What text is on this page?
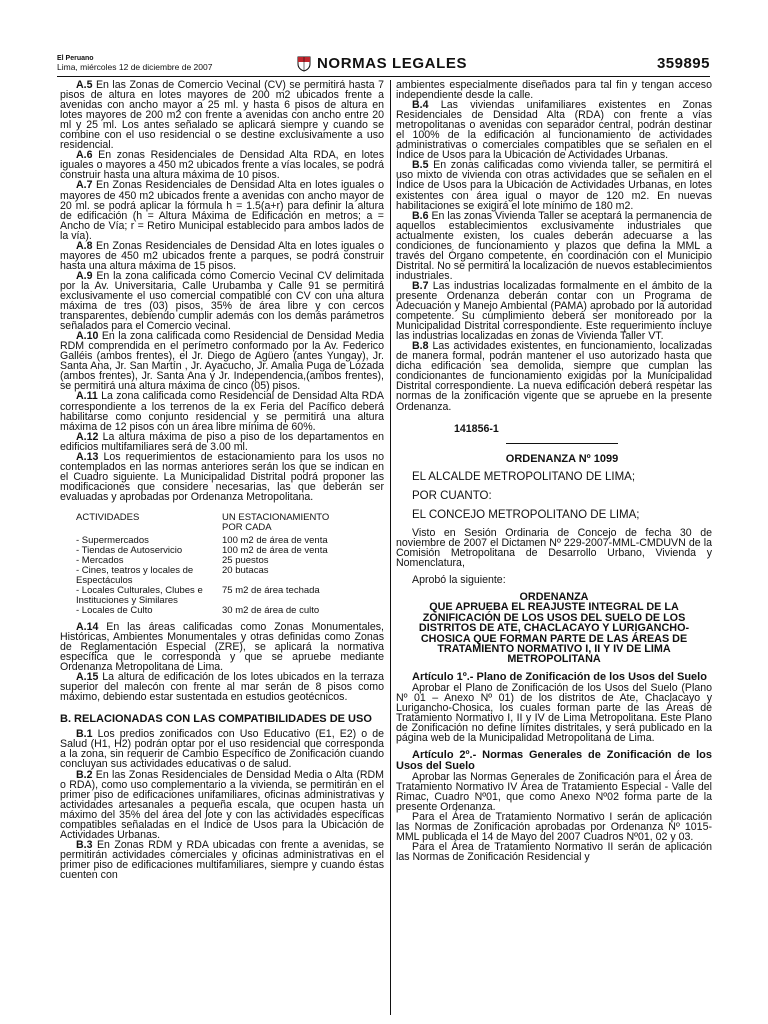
El Peruano
Lima, miércoles 12 de diciembre de 2007	NORMAS LEGALES	359895

A.5 En las Zonas de Comercio Vecinal (CV) se permitirá hasta 7 pisos de altura en lotes mayores de 200 m2 ubicados frente a avenidas con ancho mayor a 25 ml. y hasta 6 pisos de altura en lotes mayores de 200 m2 con frente a avenidas con ancho entre 20 ml y 25 ml. Los antes señalado se aplicará siempre y cuando se combine con el uso residencial o se destine exclusivamente a uso residencial.

A.6 En zonas Residenciales de Densidad Alta RDA, en lotes iguales o mayores a 450 m2 ubicados frente a vías locales, se podrá construir hasta una altura máxima de 10 pisos.

A.7 En Zonas Residenciales de Densidad Alta en lotes iguales o mayores de 450 m2 ubicados frente a avenidas con ancho mayor de 20 ml. se podrá aplicar la fórmula h = 1.5(a+r) para definir la altura de edificación (h = Altura Máxima de Edificación en metros; a = Ancho de Vía; r = Retiro Municipal establecido para ambos lados de la vía).

A.8 En Zonas Residenciales de Densidad Alta en lotes iguales o mayores de 450 m2 ubicados frente a parques, se podrá construir hasta una altura máxima de 15 pisos.

A.9 En la zona calificada como Comercio Vecinal CV delimitada por la Av. Universitaria, Calle Urubamba y Calle 91 se permitirá exclusivamente el uso comercial compatible con CV con una altura máxima de tres (03) pisos, 35% de área libre y con cercos transparentes, debiendo cumplir además con los demás parámetros señalados para el Comercio vecinal.

A.10 En la zona calificada como Residencial de Densidad Media RDM comprendida en el perímetro conformado por la Av. Federico Galléis (ambos frentes), el Jr. Diego de Agüero (antes Yungay), Jr. Santa Ana, Jr. San Martín , Jr. Ayacucho, Jr. Amalia Puga de Lozada (ambos frentes), Jr. Santa Ana y Jr. Independencia,(ambos frentes), se permitirá una altura máxima de cinco (05) pisos.

A.11 La zona calificada como Residencial de Densidad Alta RDA correspondiente a los terrenos de la ex Feria del Pacífico deberá habilitarse como conjunto residencial y se permitirá una altura máxima de 12 pisos con un área libre mínima de 60%.

A.12 La altura máxima de piso a piso de los departamentos en edificios multifamiliares será de 3.00 ml.

A.13 Los requerimientos de estacionamiento para los usos no contemplados en las normas anteriores serán los que se indican en el Cuadro siguiente. La Municipalidad Distrital podrá proponer las modificaciones que considere necesarias, las que deberán ser evaluadas y aprobadas por Ordenanza Metropolitana.

ACTIVIDADES	UN ESTACIONAMIENTO
POR CADA
- Supermercados	100 m2 de área de venta
- Tiendas de Autoservicio	100 m2 de área de venta
- Mercados	25 puestos
- Cines, teatros y locales de Espectáculos	20 butacas
- Locales Culturales, Clubes e Instituciones y Similares	75 m2 de área techada
- Locales de Culto	30 m2 de área de culto

A.14 En las áreas calificadas como Zonas Monumentales, Históricas, Ambientes Monumentales y otras definidas como Zonas de Reglamentación Especial (ZRE), se aplicará la normativa específica que le corresponda y que se apruebe mediante Ordenanza Metropolitana de Lima.

A.15 La altura de edificación de los lotes ubicados en la terraza superior del malecón con frente al mar serán de 8 pisos como máximo, debiendo estar sustentada en estudios geotécnicos.

B. RELACIONADAS CON LAS COMPATIBILIDADES DE USO

B.1 Los predios zonificados con Uso Educativo (E1, E2) o de Salud (H1, H2) podrán optar por el uso residencial que corresponda a la zona, sin requerir de Cambio Específico de Zonificación cuando concluyan sus actividades educativas o de salud.

B.2 En las Zonas Residenciales de Densidad Media o Alta (RDM o RDA), como uso complementario a la vivienda, se permitirán en el primer piso de edificaciones unifamiliares, oficinas administrativas y actividades artesanales a pequeña escala, que ocupen hasta un máximo del 35% del área del lote y con las actividades específicas compatibles señaladas en el Índice de Usos para la Ubicación de Actividades Urbanas.

B.3 En Zonas RDM y RDA ubicadas con frente a avenidas, se permitirán actividades comerciales y oficinas administrativas en el primer piso de edificaciones multifamiliares, siempre y cuando éstas cuenten con

ambientes especialmente diseñados para tal fin y tengan acceso independiente desde la calle.

B.4 Las viviendas unifamiliares existentes en Zonas Residenciales de Densidad Alta (RDA) con frente a vías metropolitanas o avenidas con separador central, podrán destinar el 100% de la edificación al funcionamiento de actividades administrativas o comerciales compatibles que se señalen en el Índice de Usos para la Ubicación de Actividades Urbanas.

B.5 En zonas calificadas como vivienda taller, se permitirá el uso mixto de vivienda con otras actividades que se señalen en el Índice de Usos para la Ubicación de Actividades Urbanas, en lotes existentes con área igual o mayor de 120 m2. En nuevas habilitaciones se exigirá el lote mínimo de 180 m2.

B.6 En las zonas Vivienda Taller se aceptará la permanencia de aquellos establecimientos exclusivamente industriales que actualmente existen, los cuales deberán adecuarse a las condiciones de funcionamiento y plazos que defina la MML a través del Órgano competente, en coordinación con el Municipio Distrital. No se permitirá la localización de nuevos establecimientos industriales.

B.7 Las industrias localizadas formalmente en el ámbito de la presente Ordenanza deberán contar con un Programa de Adecuación y Manejo Ambiental (PAMA) aprobado por la autoridad competente. Su cumplimiento deberá ser monitoreado por la Municipalidad Distrital correspondiente. Este requerimiento incluye las industrias localizadas en zonas de Vivienda Taller VT.

B.8 Las actividades existentes, en funcionamiento, localizadas de manera formal, podrán mantener el uso autorizado hasta que dicha edificación sea demolida, siempre que cumplan las condicionantes de funcionamiento exigidas por la Municipalidad Distrital correspondiente. La nueva edificación deberá respetar las normas de la zonificación vigente que se apruebe en la presente Ordenanza.

141856-1

ORDENANZA Nº 1099

EL ALCALDE METROPOLITANO DE LIMA;

POR CUANTO:

EL CONCEJO METROPOLITANO DE LIMA;

Visto en Sesión Ordinaria de Concejo de fecha 30 de noviembre de 2007 el Dictamen Nº 229-2007-MML-CMDUVN de la Comisión Metropolitana de Desarrollo Urbano, Vivienda y Nomenclatura,

Aprobó la siguiente:

ORDENANZA

QUE APRUEBA EL REAJUSTE INTEGRAL DE LA ZONIFICACIÓN DE LOS USOS DEL SUELO DE LOS DISTRITOS DE ATE, CHACLACAYO Y LURIGANCHO-CHOSICA QUE FORMAN PARTE DE LAS ÁREAS DE TRATAMIENTO NORMATIVO I, II Y IV DE LIMA METROPOLITANA

Artículo 1º.- Plano de Zonificación de los Usos del Suelo

Aprobar el Plano de Zonificación de los Usos del Suelo (Plano Nº 01 – Anexo Nº 01) de los distritos de Ate, Chaclacayo y Lurigancho-Chosica, los cuales forman parte de las Áreas de Tratamiento Normativo I, II y IV de Lima Metropolitana. Este Plano de Zonificación no define límites distritales, y será publicado en la página web de la Municipalidad Metropolitana de Lima.

Artículo 2º.- Normas Generales de Zonificación de los Usos del Suelo

Aprobar las Normas Generales de Zonificación para el Área de Tratamiento Normativo IV Área de Tratamiento Especial - Valle del Rimac, Cuadro Nº01, que como Anexo Nº02 forma parte de la presente Ordenanza.

Para el Área de Tratamiento Normativo I serán de aplicación las Normas de Zonificación aprobadas por Ordenanza Nº 1015-MML publicada el 14 de Mayo del 2007 Cuadros Nº01, 02 y 03.

Para el Área de Tratamiento Normativo II serán de aplicación las Normas de Zonificación Residencial y
